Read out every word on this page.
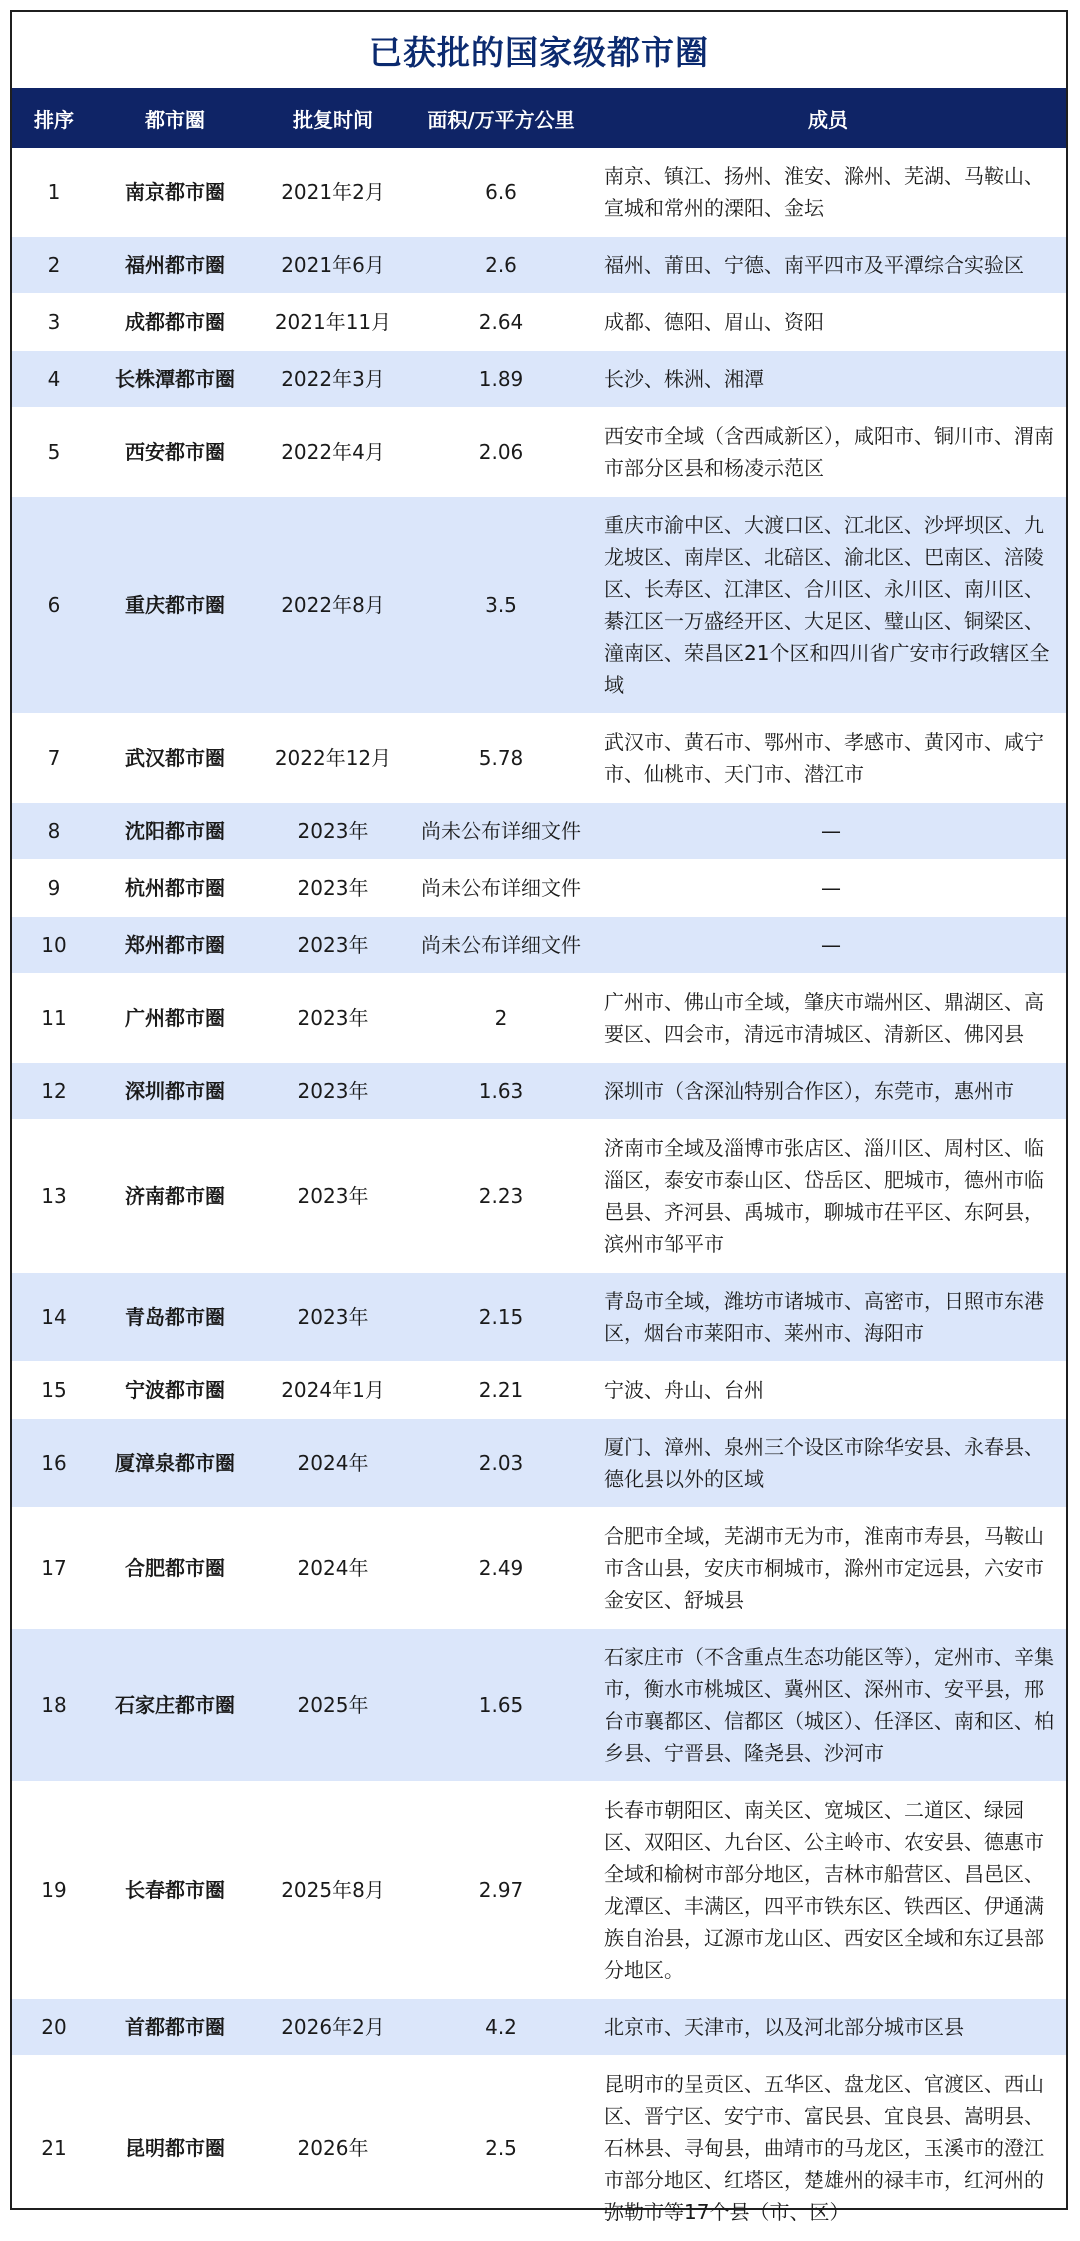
已获批的国家级都市圈
排序	都市圈	批复时间	面积/万平方公里	成员
1	南京都市圈	2021年2月	6.6	南京、镇江、扬州、淮安、滁州、芜湖、马鞍山、宣城和常州的溧阳、金坛
2	福州都市圈	2021年6月	2.6	福州、莆田、宁德、南平四市及平潭综合实验区
3	成都都市圈	2021年11月	2.64	成都、德阳、眉山、资阳
4	长株潭都市圈	2022年3月	1.89	长沙、株洲、湘潭
5	西安都市圈	2022年4月	2.06	西安市全域（含西咸新区），咸阳市、铜川市、渭南市部分区县和杨凌示范区
6	重庆都市圈	2022年8月	3.5	重庆市渝中区、大渡口区、江北区、沙坪坝区、九龙坡区、南岸区、北碚区、渝北区、巴南区、涪陵区、长寿区、江津区、合川区、永川区、南川区、綦江区一万盛经开区、大足区、璧山区、铜梁区、潼南区、荣昌区21个区和四川省广安市行政辖区全域
7	武汉都市圈	2022年12月	5.78	武汉市、黄石市、鄂州市、孝感市、黄冈市、咸宁市、仙桃市、天门市、潜江市
8	沈阳都市圈	2023年	尚未公布详细文件	—
9	杭州都市圈	2023年	尚未公布详细文件	—
10	郑州都市圈	2023年	尚未公布详细文件	—
11	广州都市圈	2023年	2	广州市、佛山市全域，肇庆市端州区、鼎湖区、高要区、四会市，清远市清城区、清新区、佛冈县
12	深圳都市圈	2023年	1.63	深圳市（含深汕特别合作区），东莞市，惠州市
13	济南都市圈	2023年	2.23	济南市全域及淄博市张店区、淄川区、周村区、临淄区，泰安市泰山区、岱岳区、肥城市，德州市临邑县、齐河县、禹城市，聊城市茌平区、东阿县，滨州市邹平市
14	青岛都市圈	2023年	2.15	青岛市全域，潍坊市诸城市、高密市，日照市东港区，烟台市莱阳市、莱州市、海阳市
15	宁波都市圈	2024年1月	2.21	宁波、舟山、台州
16	厦漳泉都市圈	2024年	2.03	厦门、漳州、泉州三个设区市除华安县、永春县、德化县以外的区域
17	合肥都市圈	2024年	2.49	合肥市全域，芜湖市无为市，淮南市寿县，马鞍山市含山县，安庆市桐城市，滁州市定远县，六安市金安区、舒城县
18	石家庄都市圈	2025年	1.65	石家庄市（不含重点生态功能区等），定州市、辛集市，衡水市桃城区、冀州区、深州市、安平县，邢台市襄都区、信都区（城区）、任泽区、南和区、柏乡县、宁晋县、隆尧县、沙河市
19	长春都市圈	2025年8月	2.97	长春市朝阳区、南关区、宽城区、二道区、绿园区、双阳区、九台区、公主岭市、农安县、德惠市全域和榆树市部分地区，吉林市船营区、昌邑区、龙潭区、丰满区，四平市铁东区、铁西区、伊通满族自治县，辽源市龙山区、西安区全域和东辽县部分地区。
20	首都都市圈	2026年2月	4.2	北京市、天津市，以及河北部分城市区县
21	昆明都市圈	2026年	2.5	昆明市的呈贡区、五华区、盘龙区、官渡区、西山区、晋宁区、安宁市、富民县、宜良县、嵩明县、石林县、寻甸县，曲靖市的马龙区，玉溪市的澄江市部分地区、红塔区，楚雄州的禄丰市，红河州的弥勒市等17个县（市、区）
